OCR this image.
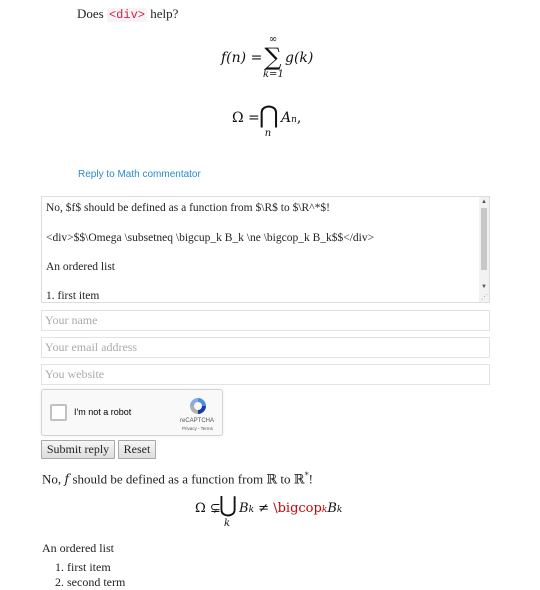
Does <div> help?
f(n) =
∞
∑
k=1
g(k)
Ω = ⋂
n
An,
Reply to Math commentator
No, $f$ should be defined as a function from $\R$ to $\R^*$!
<div>$$\Omega \subsetneq \bigcup_k B_k \ne \bigcop_k B_k$$</div>
An ordered list
1. first item
▲
▼
⋰
Your name
Your email address
You website
I'm not a robot
reCAPTCHA
Privacy - Terms
Submit reply	Reset
No, f should be defined as a function from ℝ to ℝ*!
Ω ⊊
⋃
k
Bk ≠ \bigcopkBk
An ordered list
1. first item
2. second term
